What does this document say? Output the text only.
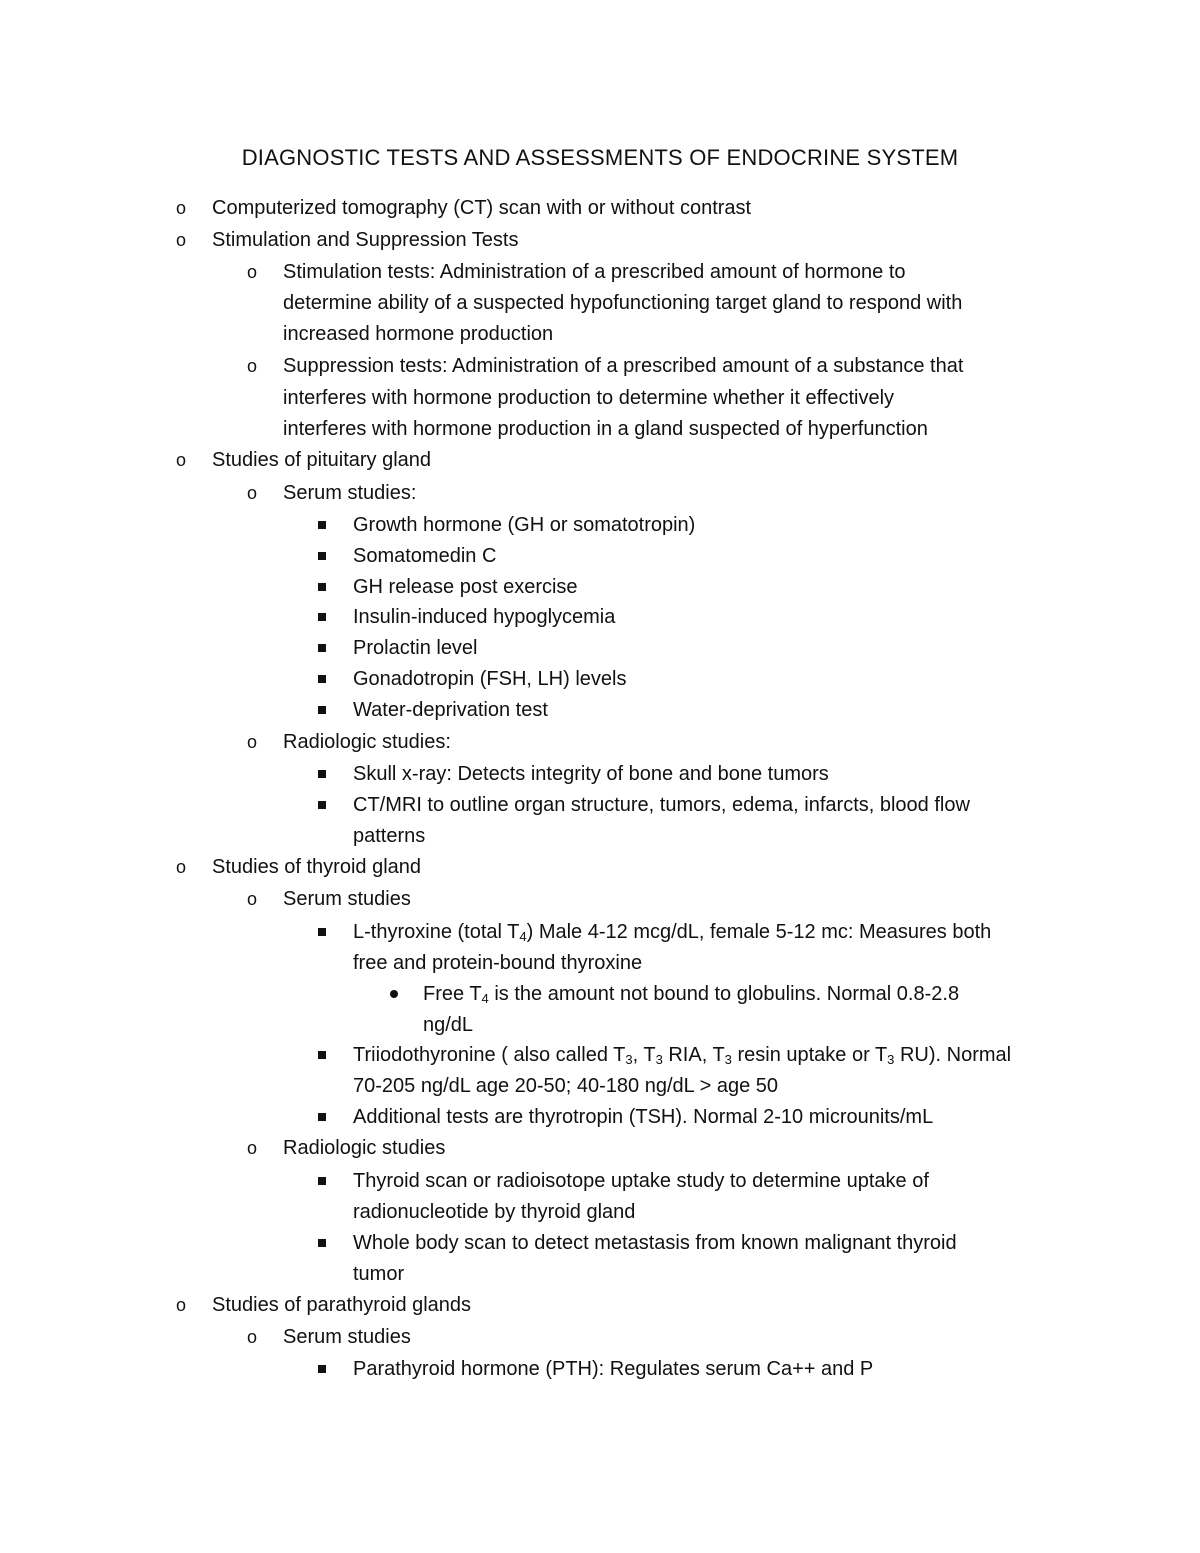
DIAGNOSTIC TESTS AND ASSESSMENTS OF ENDOCRINE SYSTEM
o Computerized tomography (CT) scan with or without contrast
o Stimulation and Suppression Tests
o Stimulation tests: Administration of a prescribed amount of hormone to
determine ability of a suspected hypofunctioning target gland to respond with
increased hormone production
o Suppression tests: Administration of a prescribed amount of a substance that
interferes with hormone production to determine whether it effectively
interferes with hormone production in a gland suspected of hyperfunction
o Studies of pituitary gland
o Serum studies:
Growth hormone (GH or somatotropin)
Somatomedin C
GH release post exercise
Insulin-induced hypoglycemia
Prolactin level
Gonadotropin (FSH, LH) levels
Water-deprivation test
o Radiologic studies:
Skull x-ray: Detects integrity of bone and bone tumors
CT/MRI to outline organ structure, tumors, edema, infarcts, blood flow
patterns
o Studies of thyroid gland
o Serum studies
L-thyroxine (total $T_4$) Male 4-12 mcg/dL, female 5-12 mc: Measures both
free and protein-bound thyroxine
Free $T_4$ is the amount not bound to globulins. Normal 0.8-2.8
ng/dL
Triiodothyronine ( also called $T_3$, $T_3$ RIA, $T_3$ resin uptake or $T_3$ RU). Normal
70-205 ng/dL age 20-50; 40-180 ng/dL > age 50
Additional tests are thyrotropin (TSH). Normal 2-10 microunits/mL
o Radiologic studies
Thyroid scan or radioisotope uptake study to determine uptake of
radionucleotide by thyroid gland
Whole body scan to detect metastasis from known malignant thyroid
tumor
o Studies of parathyroid glands
o Serum studies
Parathyroid hormone (PTH): Regulates serum Ca++ and P
